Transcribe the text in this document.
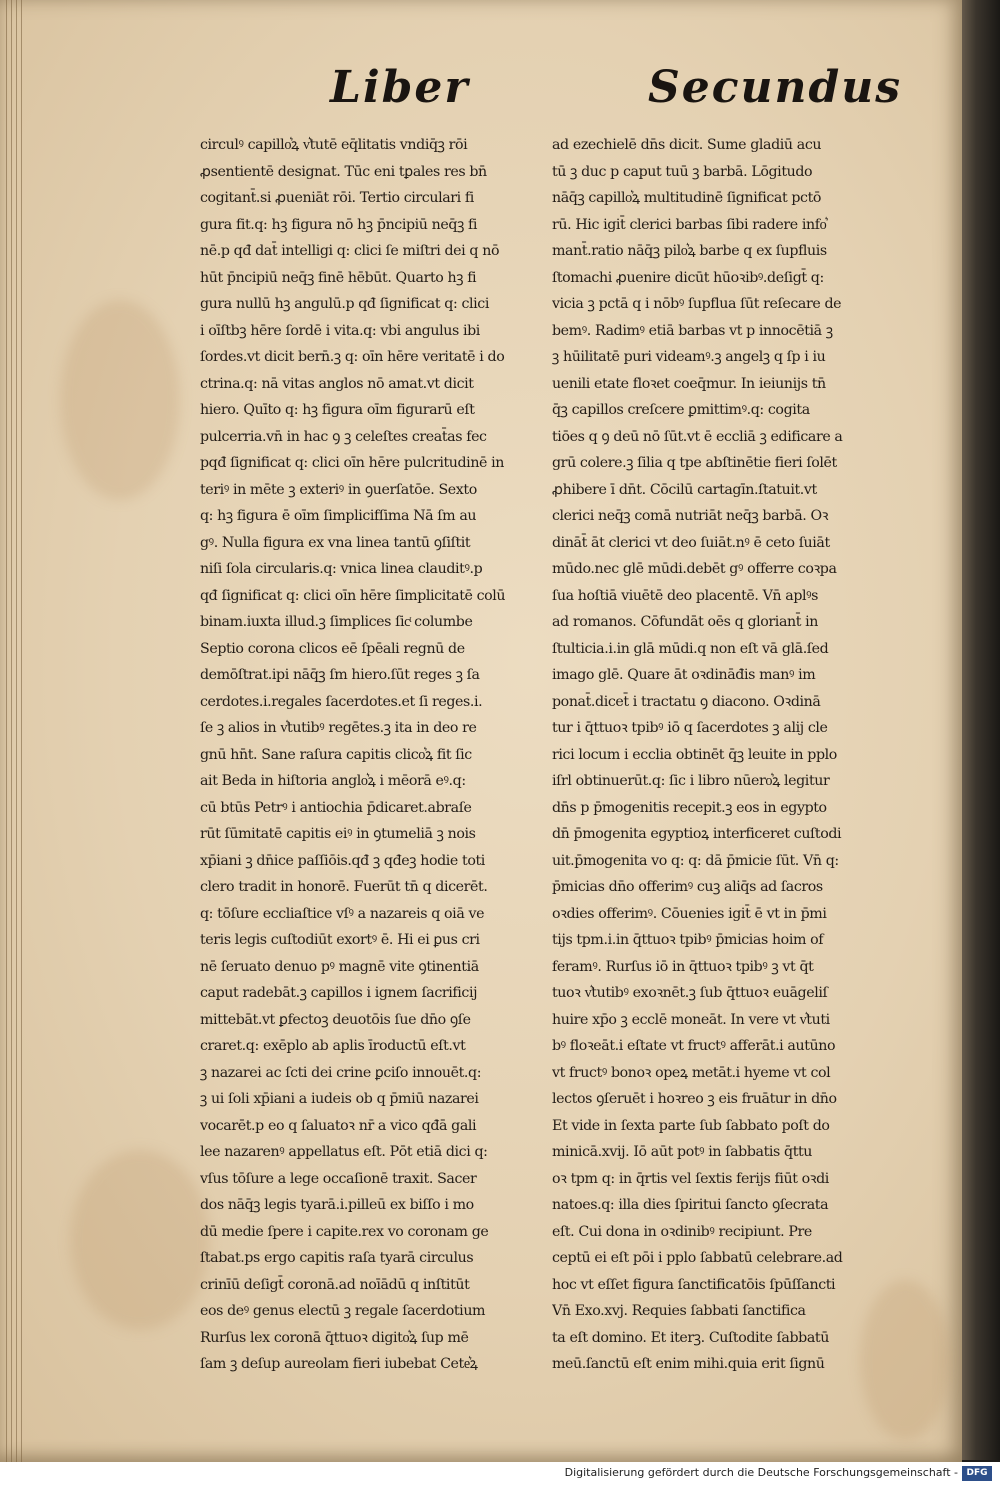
Liber	Secundus
circulꝰ capillo͛ꝝ v͛tutē eq̄litatis vndiq̄ꝫ rōi
ꝓsentientē designat. Tūc eni tꝑales res bn̄
cogitant̄.si ꝓueniāt rōi. Tertio circulari fi
gura fit.q: hꝫ figura nō hꝫ p̄ncipiū neq̄ꝫ fi
nē.p qđ dat̄ intelligi q: clici ſe miſtri dei q nō
hūt p̄ncipiū neq̄ꝫ finē hēbūt. Quarto hꝫ fi
gura nullū hꝫ angulū.p qđ ſignificat q: clici
i oīſtbꝫ hēre ſordē i vita.q: vbi angulus ibi
ſordes.vt dicit bern̄.ꝫ q: oīn hēre veritatē i do
ctrina.q: nā vitas anglos nō amat.vt dicit
hiero. Quīto q: hꝫ figura oīm figurarū eſt
pulcerria.vn̄ in hac ꝯ ꝫ celeſtes creat̄as fec
pqđ ſignificat q: clici oīn hēre pulcritudinē in
teriꝰ in mēte ꝫ exteriꝰ in ꝯuerſatōe. Sexto
q: hꝫ figura ē oīm ſimplicifſima Nā ſm au
gꝰ. Nulla figura ex vna linea tantū ꝯſiſtit
niſi ſola circularis.q: vnica linea clauditꝰ.p
qđ ſignificat q: clici oīn hēre ſimplicitatē colū
binam.iuxta illud.ꝫ ſimplices ſicͭ columbe
Septio corona clicos eē ſpēali regnū de
demōſtrat.ipi nāq̄ꝫ ſm hiero.ſūt reges ꝫ ſa
cerdotes.i.regales ſacerdotes.et ſi reges.i.
ſe ꝫ alios in v͛tutibꝰ regētes.ꝫ ita in deo re
gnū hn̄t. Sane raſura capitis clico͛ꝝ fit ſic
ait Beda in hiſtoria anglo͛ꝝ i mēorā eꝰ.q:
cū btūs Petrꝰ i antiochia p̄dicaret.abraſe
rūt ſūmitatē capitis eiꝰ in ꝯtumeliā ꝫ nois
xp̄iani ꝫ dn̄ice paſſiōis.qđ ꝫ qđeꝫ hodie toti
clero tradit in honorē. Fuerūt tn̄ q dicerēt.
q: tōſure eccliaſtice vſꝰ a nazareis q oiā ve
teris legis cuſtodiūt exortꝰ ē. Hi ei ꝑus cri
nē ſeruato denuo pꝰ magnē vite ꝯtinentiā
caput radebāt.ꝫ capillos i ignem ſacrificij
mittebāt.vt ꝑfectoꝫ deuotōis ſue dn̄o ꝯſe
craret.q: exēplo ab aplis īroductū eſt.vt
ꝫ nazarei ac ſcti dei crine ꝑciſo innouēt.q:
ꝫ ui ſoli xp̄iani a iudeis ob q p̄miū nazarei
vocarēt.p eo q ſaluatoꝛ nr̄ a vico qđā gali
lee nazarenꝰ appellatus eſt. Pōt etiā dici q:
vſus tōſure a lege occaſionē traxit. Sacer
dos nāq̄ꝫ legis tyarā.i.pilleū ex biſſo i mo
dū medie ſpere i capite.rex vo coronam ge
ſtabat.ps ergo capitis raſa tyarā circulus
crinīū deſigt̄ coronā.ad noīādū q inſtitūt
eos deꝰ genus electū ꝫ regale ſacerdotium
Rurſus lex coronā q̄ttuoꝛ digito͛ꝝ ſup mē
ſam ꝫ deſup aureolam fieri iubebat Cete͛ꝝ
ad ezechielē dn̄s dicit. Sume gladiū acu
tū ꝫ duc p caput tuū ꝫ barbā. Lōgitudo
nāq̄ꝫ capillo͛ꝝ multitudinē ſignificat pctō
rū. Hic igit̄ clerici barbas ſibi radere info͛
mant̄.ratio nāq̄ꝫ pilo͛ꝝ barbe q ex ſupfluis
ſtomachi ꝓuenire dicūt hūoꝛibꝰ.deſigt̄ q:
vicia ꝫ pctā q i nōbꝰ ſupflua ſūt reſecare de
bemꝰ. Radimꝰ etiā barbas vt p innocētiā ꝫ
ꝫ hūilitatē puri videamꝰ.ꝫ angelꝫ q ſp i iu
uenili etate floꝛet coeq̄mur. In ieiunijs tn̄
q̄ꝫ capillos creſcere ꝑmittimꝰ.q: cogita
tiōes q ꝯ deū nō ſūt.vt ē eccliā ꝫ edificare a
grū colere.ꝫ ſilia q tpe abſtinētie fieri ſolēt
ꝓhibere ī dn̄t. Cōcilū cartagīn.ſtatuit.vt
clerici neq̄ꝫ comā nutriāt neq̄ꝫ barbā. Oꝛ
dināt̄ āt clerici vt deo ſuiāt.nꝰ ē ceto ſuiāt
mūdo.nec glē mūdi.debēt gꝰ offerre coꝛpa
ſua hoſtiā viuētē deo placentē. Vn̄ aplꝰs
ad romanos. Cōfundāt oēs q gloriant̄ in
ſtulticia.i.in glā mūdi.q non eſt vā glā.ſed
imago glē. Quare āt oꝛdināđis manꝰ im
ponat̄.dicet̄ i tractatu ꝯ diacono. Oꝛdinā
tur i q̄ttuoꝛ tpibꝰ iō q ſacerdotes ꝫ alij cle
rici locum i ecclia obtinēt q̄ꝫ leuite in pplo
iſrl obtinuerūt.q: ſic i libro nūero͛ꝝ legitur
dn̄s p p̄mogenitis recepit.ꝫ eos in egypto
dn̄ p̄mogenita egyptioꝝ interficeret cuſtodi
uit.p̄mogenita vo q: q: dā p̄micie ſūt. Vn̄ q:
p̄micias dn̄o offerimꝰ cuꝫ aliq̄s ad ſacros
oꝛdies offerimꝰ. Cōuenies igit̄ ē vt in p̄mi
tijs tpm.i.in q̄ttuoꝛ tpibꝰ p̄micias hoim of
feramꝰ. Rurſus iō in q̄ttuoꝛ tpibꝰ ꝫ vt q̄t
tuoꝛ v͛tutibꝰ exoꝛnēt.ꝫ ſub q̄ttuoꝛ euāgeliſ
huire xp̄o ꝫ ecclē moneāt. In vere vt v͛tuti
bꝰ floꝛeāt.i eſtate vt fructꝰ afferāt.i autūno
vt fructꝰ bonoꝛ opeꝝ metāt.i hyeme vt col
lectos ꝯſeruēt i hoꝛreo ꝫ eis fruātur in dn̄o
Et vide in ſexta parte ſub ſabbato poſt do
minicā.xvij. Iō aūt potꝰ in ſabbatis q̄ttu
oꝛ tpm q: in q̄rtis vel ſextis ferijs fiūt oꝛdi
natoes.q: illa dies ſpiritui ſancto ꝯſecrata
eſt. Cui dona in oꝛdinibꝰ recipiunt. Pre
ceptū ei eſt pōi i pplo ſabbatū celebrare.ad
hoc vt eſſet figura ſanctificatōis ſpūſſancti
Vn̄ Exo.xvj. Requies ſabbati ſanctifica
ta eſt domino. Et iterꝫ. Cuſtodite ſabbatū
meū.ſanctū eſt enim mihi.quia erit ſignū
Digitalisierung gefördert durch die Deutsche Forschungsgemeinschaft - DFG
